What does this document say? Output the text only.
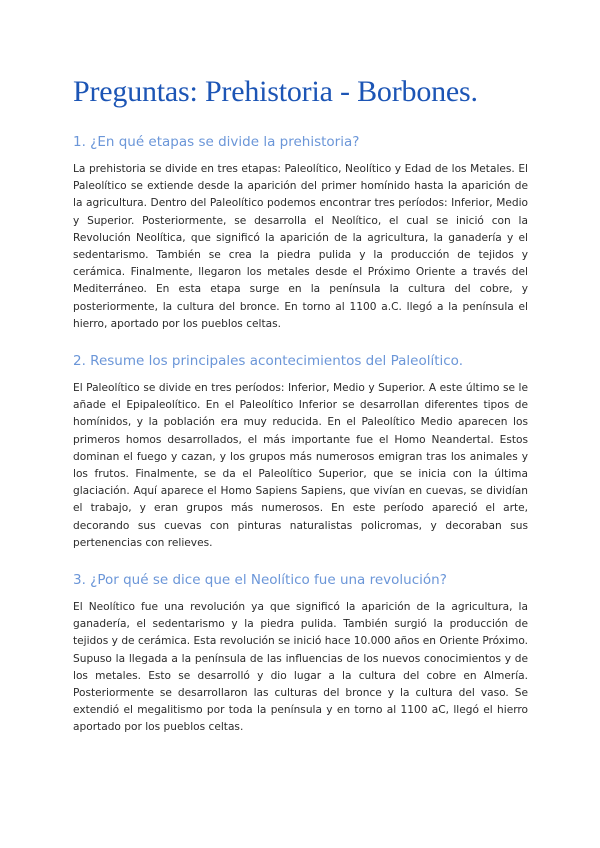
Preguntas: Prehistoria - Borbones.
1. ¿En qué etapas se divide la prehistoria?

La prehistoria se divide en tres etapas: Paleolítico, Neolítico y Edad de los Metales. El Paleolítico se extiende desde la aparición del primer homínido hasta la aparición de la agricultura. Dentro del Paleolítico podemos encontrar tres períodos: Inferior, Medio y Superior. Posteriormente, se desarrolla el Neolítico, el cual se inició con la Revolución Neolítica, que significó la aparición de la agricultura, la ganadería y el sedentarismo. También se crea la piedra pulida y la producción de tejidos y cerámica. Finalmente, llegaron los metales desde el Próximo Oriente a través del Mediterráneo. En esta etapa surge en la península la cultura del cobre, y posteriormente, la cultura del bronce. En torno al 1100 a.C. llegó a la península el hierro, aportado por los pueblos celtas.

2. Resume los principales acontecimientos del Paleolítico.

El Paleolítico se divide en tres períodos: Inferior, Medio y Superior. A este último se le añade el Epipaleolítico. En el Paleolítico Inferior se desarrollan diferentes tipos de homínidos, y la población era muy reducida. En el Paleolítico Medio aparecen los primeros homos desarrollados, el más importante fue el Homo Neandertal. Estos dominan el fuego y cazan, y los grupos más numerosos emigran tras los animales y los frutos. Finalmente, se da el Paleolítico Superior, que se inicia con la última glaciación. Aquí aparece el Homo Sapiens Sapiens, que vivían en cuevas, se dividían el trabajo, y eran grupos más numerosos. En este período apareció el arte, decorando sus cuevas con pinturas naturalistas policromas, y decoraban sus pertenencias con relieves.

3. ¿Por qué se dice que el Neolítico fue una revolución?

El Neolítico fue una revolución ya que significó la aparición de la agricultura, la ganadería, el sedentarismo y la piedra pulida. También surgió la producción de tejidos y de cerámica. Esta revolución se inició hace 10.000 años en Oriente Próximo. Supuso la llegada a la península de las influencias de los nuevos conocimientos y de los metales. Esto se desarrolló y dio lugar a la cultura del cobre en Almería. Posteriormente se desarrollaron las culturas del bronce y la cultura del vaso. Se extendió el megalitismo por toda la península y en torno al 1100 aC, llegó el hierro aportado por los pueblos celtas.
